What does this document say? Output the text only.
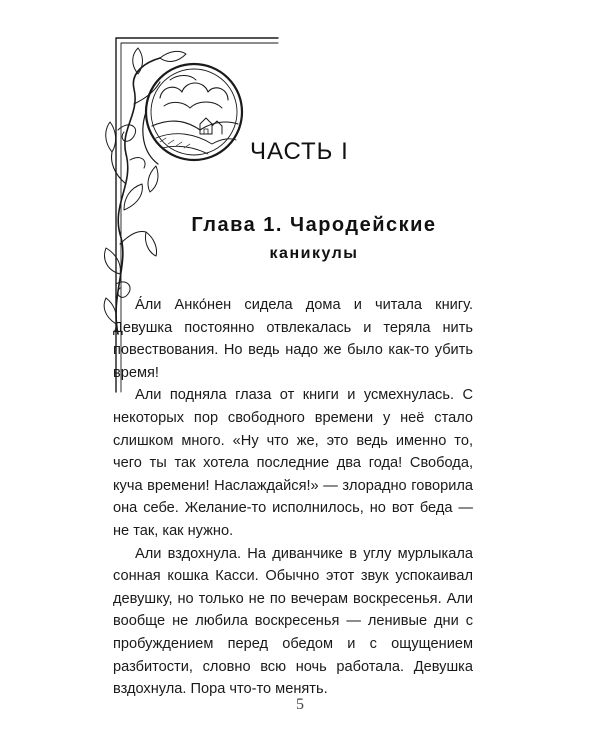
ЧАСТЬ I
Глава 1. Чародейские
каникулы

А́ли Анко́нен сидела дома и читала книгу. Девушка постоянно отвлекалась и теряла нить повествования. Но ведь надо же было как-то убить время!

Али подняла глаза от книги и усмехнулась. С некоторых пор свободного времени у неё стало слишком много. «Ну что же, это ведь именно то, чего ты так хотела последние два года! Свобода, куча времени! Наслаждайся!» — злорадно говорила она себе. Желание-то исполнилось, но вот беда — не так, как нужно.

Али вздохнула. На диванчике в углу мурлыкала сонная кошка Касси. Обычно этот звук успокаивал девушку, но только не по вечерам воскресенья. Али вообще не любила воскресенья — ленивые дни с пробуждением перед обедом и с ощущением разбитости, словно всю ночь работала. Девушка вздохнула. Пора что-то менять.

5
